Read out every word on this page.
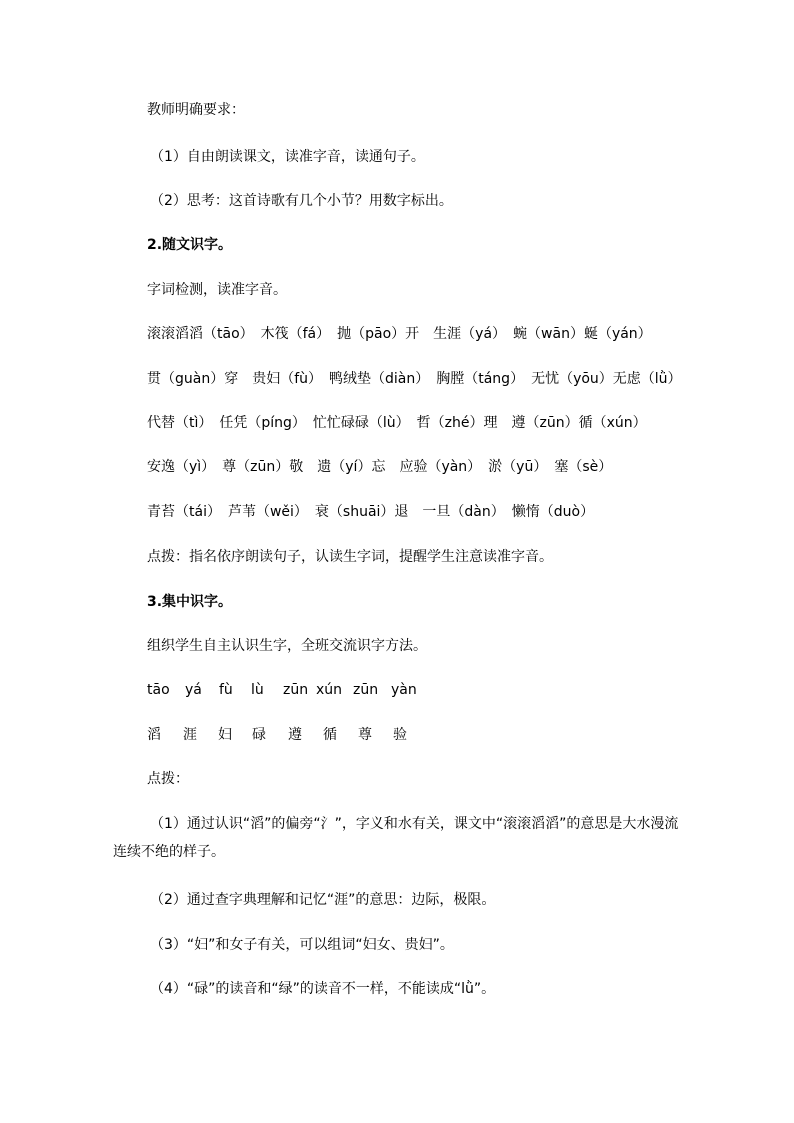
教师明确要求：
（1）自由朗读课文，读准字音，读通句子。
（2）思考：这首诗歌有几个小节？用数字标出。
2.随文识字。
字词检测，读准字音。
滚滚滔滔（tāo）　木筏（fá）　抛（pāo）开　生涯（yá）　蜿（wān）蜒（yán）
贯（guàn）穿　贵妇（fù）　鸭绒垫（diàn）　胸膛（táng）　无忧（yōu）无虑（lǜ）
代替（tì）　任凭（píng）　忙忙碌碌（lù）　哲（zhé）理　遵（zūn）循（xún）
安逸（yì）　尊（zūn）敬　遗（yí）忘　应验（yàn）　淤（yū）　塞（sè）
青苔（tái）　芦苇（wěi）　衰（shuāi）退　一旦（dàn）　懒惰（duò）
点拨：指名依序朗读句子，认读生字词，提醒学生注意读准字音。
3.集中识字。
组织学生自主认识生字，全班交流识字方法。
tāo yá fù lù zūn xún zūn yàn
滔 涯 妇 碌 遵 循 尊 验
点拨：
（1）通过认识“滔”的偏旁“氵”，字义和水有关，课文中“滚滚滔滔”的意思是大水漫流连续不绝的样子。
（2）通过查字典理解和记忆“涯”的意思：边际，极限。
（3）“妇”和女子有关，可以组词“妇女、贵妇”。
（4）“碌”的读音和“绿”的读音不一样，不能读成“lǜ”。
